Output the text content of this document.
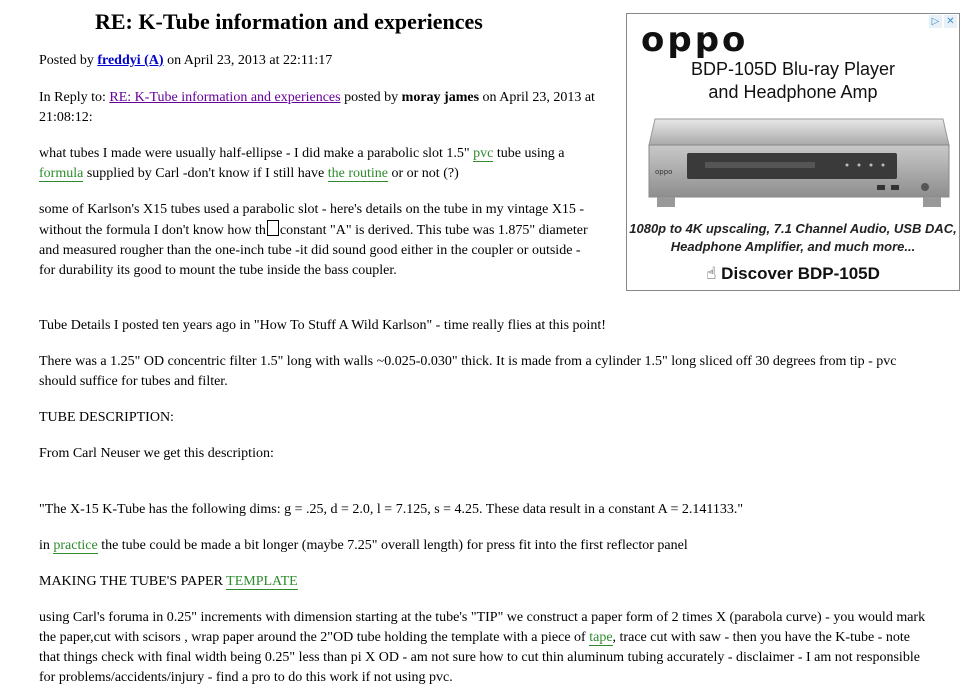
RE: K-Tube information and experiences

Posted by freddyi (A) on April 23, 2013 at 22:11:17

In Reply to: RE: K-Tube information and experiences posted by moray james on April 23, 2013 at 21:08:12:

what tubes I made were usually half-ellipse - I did make a parabolic slot 1.5" pvc tube using a formula supplied by Carl -don't know if I still have the routine or or not (?)

some of Karlson's X15 tubes used a parabolic slot - here's details on the tube in my vintage X15 - without the formula I don't know how th constant "A" is derived. This tube was 1.875" diameter and measured rougher than the one-inch tube -it did sound good either in the coupler or outside -
for durability its good to mount the tube inside the bass coupler.

Tube Details I posted ten years ago in "How To Stuff A Wild Karlson" - time really flies at this point!

There was a 1.25" OD concentric filter 1.5" long with walls ~0.025-0.030" thick. It is made from a cylinder 1.5" long sliced off 30 degrees from tip - pvc should suffice for tubes and filter.

TUBE DESCRIPTION:

From Carl Neuser we get this description:

"The X-15 K-Tube has the following dims: g = .25, d = 2.0, l = 7.125, s = 4.25. These data result in a constant A = 2.141133."

in practice the tube could be made a bit longer (maybe 7.25" overall length) for press fit into the first reflector panel

MAKING THE TUBE'S PAPER TEMPLATE

using Carl's foruma in 0.25" increments with dimension starting at the tube's "TIP" we construct a paper form of 2 times X (parabola curve) - you would mark the paper,cut with scisors , wrap paper around the 2"OD tube holding the template with a piece of tape, trace cut with saw - then you have the K-tube - note that things check with final width being 0.25" less than pi X OD - am not sure how to cut thin aluminum tubing accurately - disclaimer - I am not responsible for problems/accidents/injury - find a pro to do this work if not using pvc.

▷ ✕
oppo
BDP-105D Blu-ray Player
and Headphone Amp
oppo
1080p to 4K upscaling, 7.1 Channel Audio, USB DAC,
Headphone Amplifier, and much more...
☝ Discover BDP-105D
